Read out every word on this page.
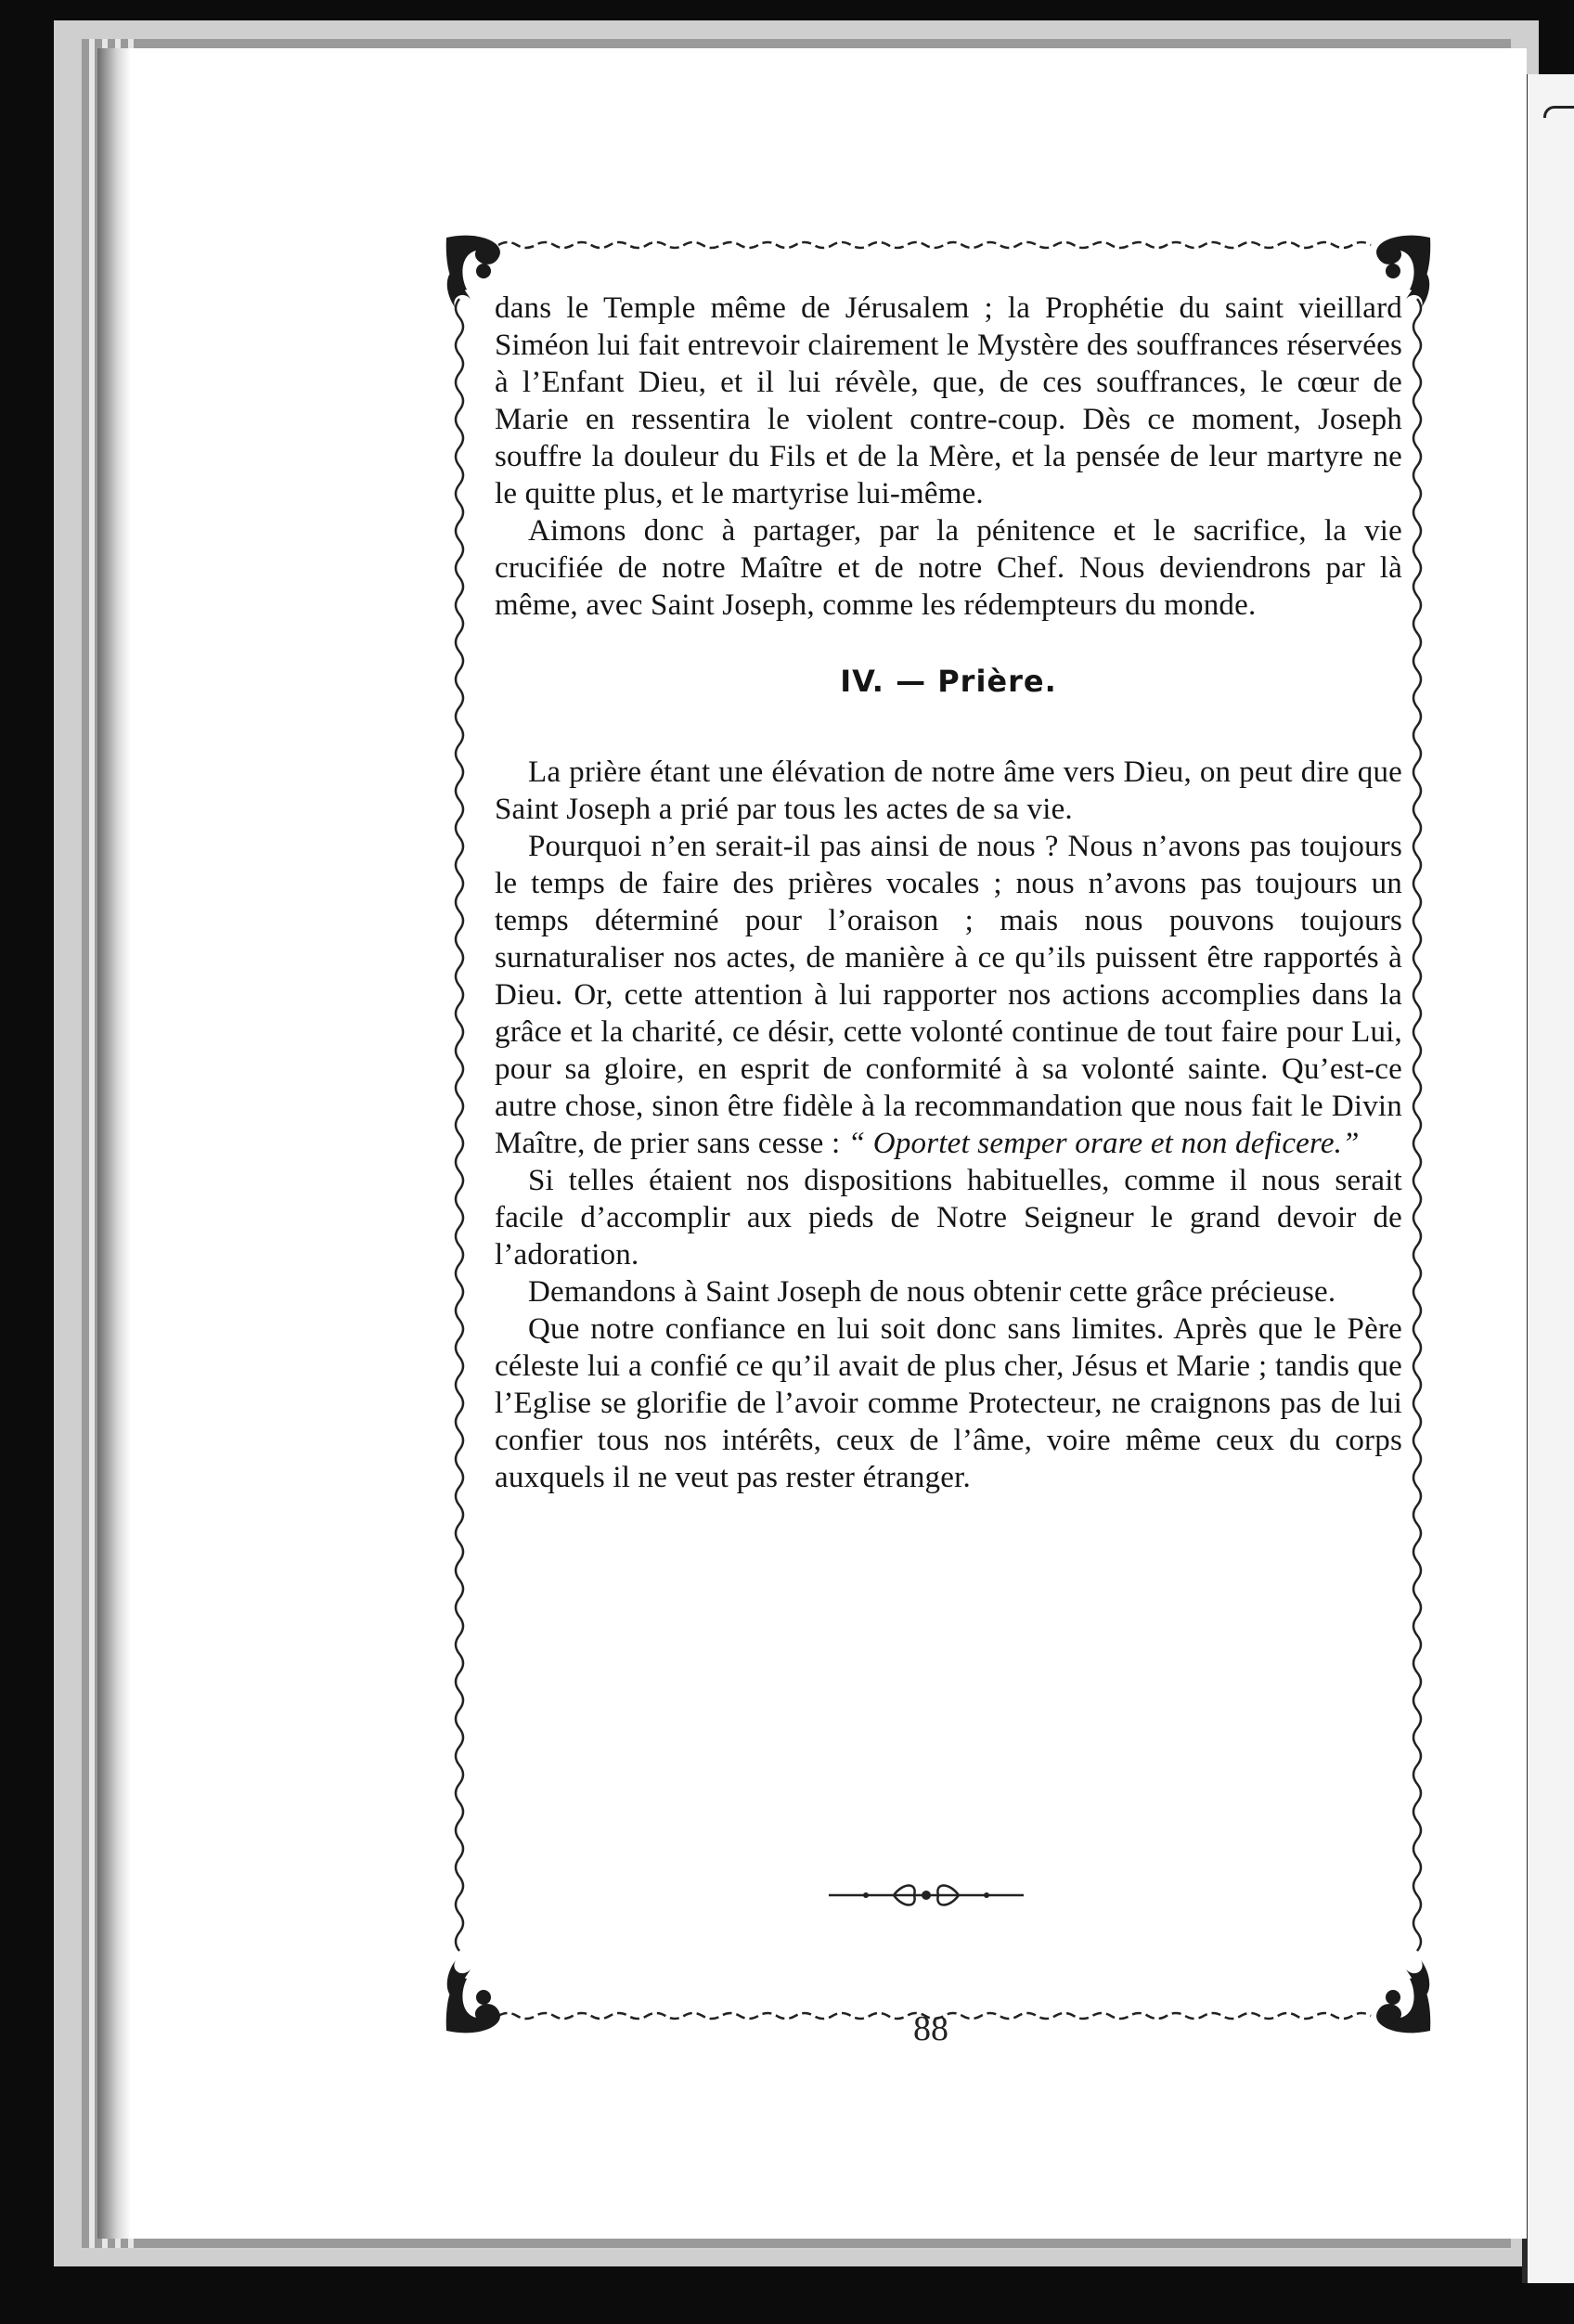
dans le Temple même de Jérusalem ; la Prophétie du saint vieillard Siméon lui fait entrevoir clairement le Mystère des souffrances réservées à l’Enfant Dieu, et il lui révèle, que, de ces souffrances, le cœur de Marie en ressentira le violent contre-coup. Dès ce moment, Joseph souffre la douleur du Fils et de la Mère, et la pensée de leur martyre ne le quitte plus, et le martyrise lui-même.

Aimons donc à partager, par la pénitence et le sacrifice, la vie crucifiée de notre Maître et de notre Chef. Nous deviendrons par là même, avec Saint Joseph, comme les rédempteurs du monde.

IV. — Prière.

La prière étant une élévation de notre âme vers Dieu, on peut dire que Saint Joseph a prié par tous les actes de sa vie.

Pourquoi n’en serait-il pas ainsi de nous ? Nous n’avons pas toujours le temps de faire des prières vocales ; nous n’avons pas toujours un temps déterminé pour l’oraison ; mais nous pouvons toujours surnaturaliser nos actes, de manière à ce qu’ils puissent être rapportés à Dieu. Or, cette attention à lui rapporter nos actions accomplies dans la grâce et la charité, ce désir, cette volonté continue de tout faire pour Lui, pour sa gloire, en esprit de conformité à sa volonté sainte. Qu’est-ce autre chose, sinon être fidèle à la recommandation que nous fait le Divin Maître, de prier sans cesse : “ Oportet semper orare et non deficere.”

Si telles étaient nos dispositions habituelles, comme il nous serait facile d’accomplir aux pieds de Notre Seigneur le grand devoir de l’adoration.

Demandons à Saint Joseph de nous obtenir cette grâce précieuse.

Que notre confiance en lui soit donc sans limites. Après que le Père céleste lui a confié ce qu’il avait de plus cher, Jésus et Marie ; tandis que l’Eglise se glorifie de l’avoir comme Protecteur, ne craignons pas de lui confier tous nos intérêts, ceux de l’âme, voire même ceux du corps auxquels il ne veut pas rester étranger.

88
